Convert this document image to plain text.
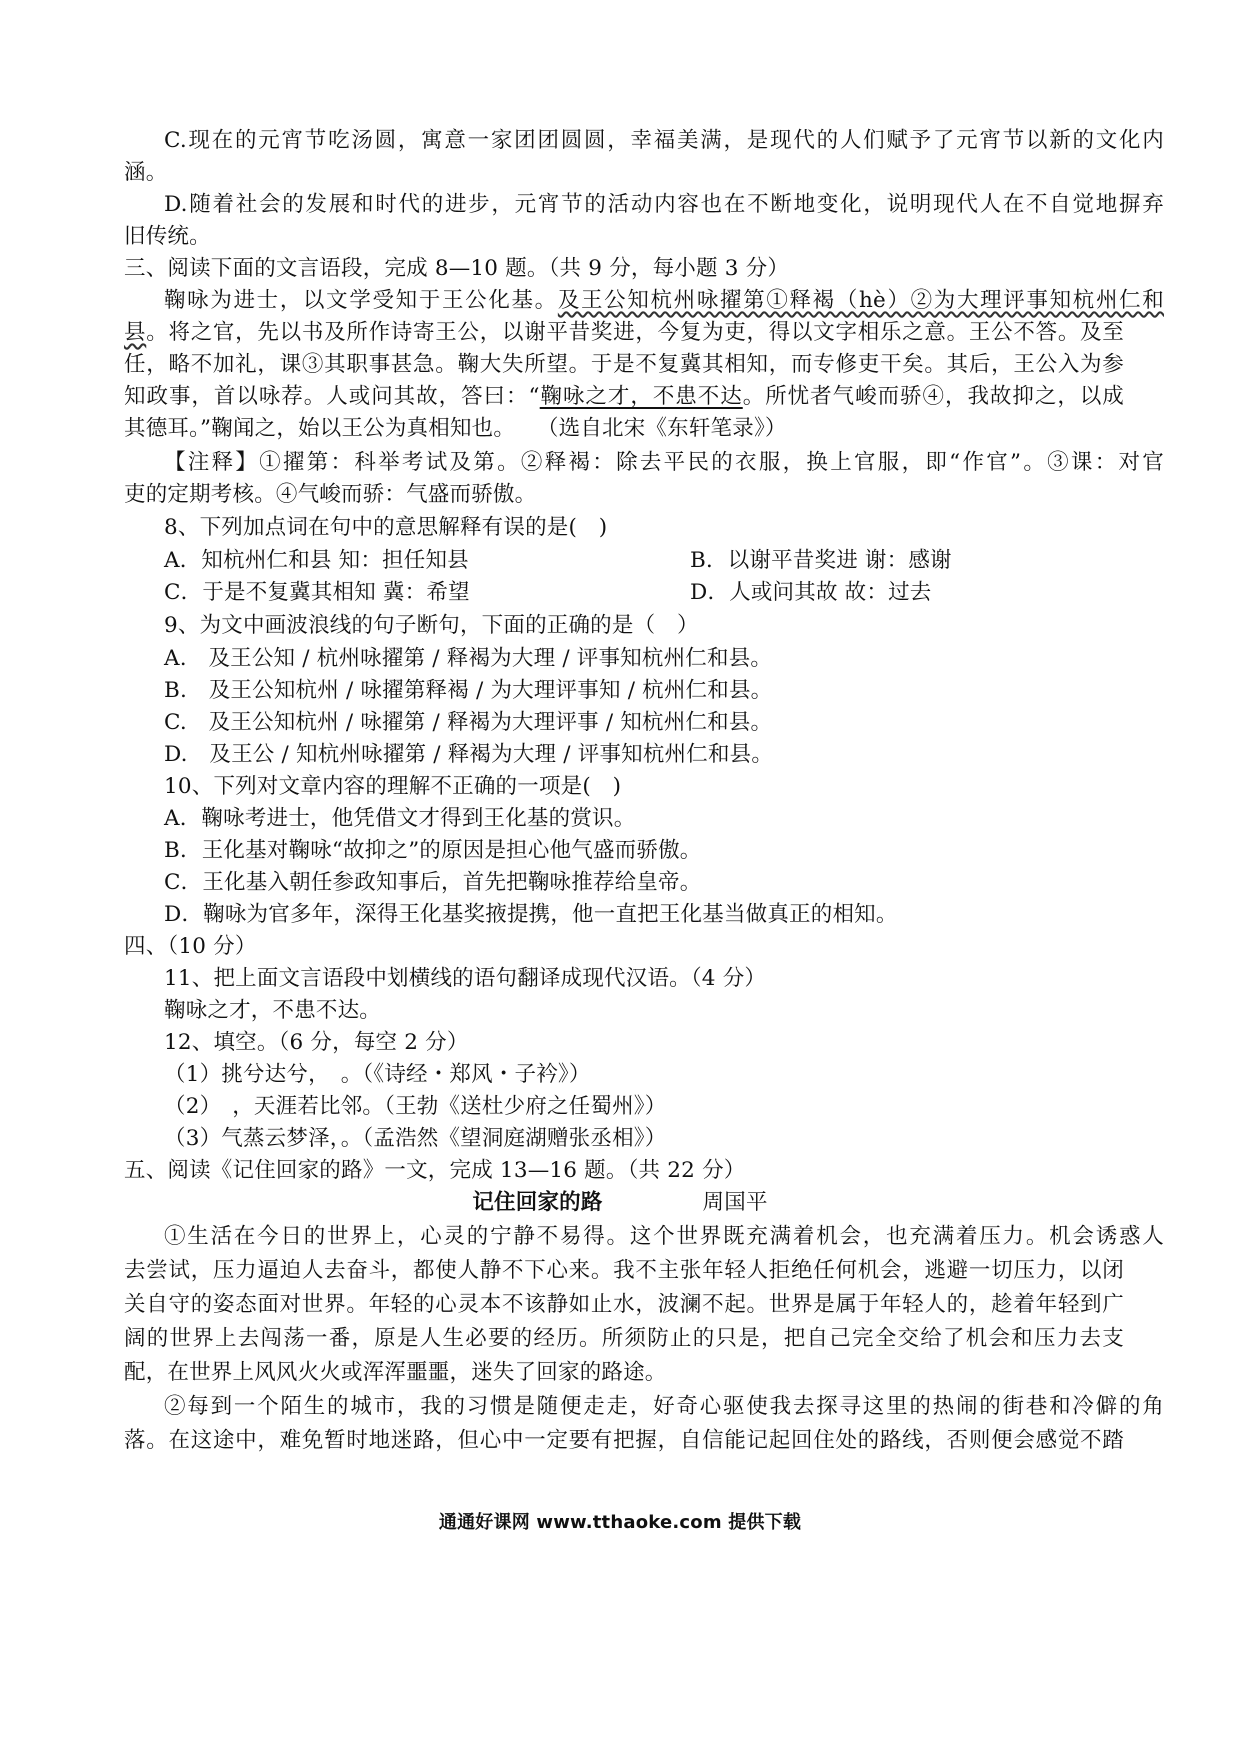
C.现在的元宵节吃汤圆，寓意一家团团圆圆，幸福美满，是现代的人们赋予了元宵节以新的文化内
涵。
D.随着社会的发展和时代的进步，元宵节的活动内容也在不断地变化，说明现代人在不自觉地摒弃
旧传统。
三、阅读下面的文言语段，完成 8—10 题。（共 9 分，每小题 3 分）
鞠咏为进士，以文学受知于王公化基。及王公知杭州咏擢第①释褐（hè）②为大理评事知杭州仁和
县。将之官，先以书及所作诗寄王公，以谢平昔奖进，今复为吏，得以文字相乐之意。王公不答。及至
任，略不加礼，课③其职事甚急。鞠大失所望。于是不复冀其相知，而专修吏干矣。其后，王公入为参
知政事，首以咏荐。人或问其故，答曰：“鞠咏之才，不患不达。所忧者气峻而骄④，我故抑之，以成
其德耳。”鞠闻之，始以王公为真相知也。　　（选自北宋《东轩笔录》）
【注释】①擢第：科举考试及第。②释褐：除去平民的衣服，换上官服，即“作官”。③课：对官
吏的定期考核。④气峻而骄：气盛而骄傲。
8、下列加点词在句中的意思解释有误的是(　)
A．知杭州仁和县 知：担任知县	B．以谢平昔奖进 谢：感谢
C．于是不复冀其相知 冀：希望	D．人或问其故 故：过去
9、为文中画波浪线的句子断句，下面的正确的是（　）
A.　及王公知 / 杭州咏擢第 / 释褐为大理 / 评事知杭州仁和县。
B.　及王公知杭州 / 咏擢第释褐 / 为大理评事知 / 杭州仁和县。
C.　及王公知杭州 / 咏擢第 / 释褐为大理评事 / 知杭州仁和县。
D.　及王公 / 知杭州咏擢第 / 释褐为大理 / 评事知杭州仁和县。
10、下列对文章内容的理解不正确的一项是(　)
A．鞠咏考进士，他凭借文才得到王化基的赏识。
B．王化基对鞠咏“故抑之”的原因是担心他气盛而骄傲。
C．王化基入朝任参政知事后，首先把鞠咏推荐给皇帝。
D．鞠咏为官多年，深得王化基奖掖提携，他一直把王化基当做真正的相知。
四、（10 分）
11、把上面文言语段中划横线的语句翻译成现代汉语。（4 分）
鞠咏之才，不患不达。
12、填空。（6 分，每空 2 分）
（1）挑兮达兮，　。（《诗经・郑风・子衿》）
（2）　，天涯若比邻。（王勃《送杜少府之任蜀州》）
（3）气蒸云梦泽，。（孟浩然《望洞庭湖赠张丞相》）
五、阅读《记住回家的路》一文，完成 13—16 题。（共 22 分）
记住回家的路	周国平
①生活在今日的世界上，心灵的宁静不易得。这个世界既充满着机会，也充满着压力。机会诱惑人
去尝试，压力逼迫人去奋斗，都使人静不下心来。我不主张年轻人拒绝任何机会，逃避一切压力，以闭
关自守的姿态面对世界。年轻的心灵本不该静如止水，波澜不起。世界是属于年轻人的，趁着年轻到广
阔的世界上去闯荡一番，原是人生必要的经历。所须防止的只是，把自己完全交给了机会和压力去支
配，在世界上风风火火或浑浑噩噩，迷失了回家的路途。
②每到一个陌生的城市，我的习惯是随便走走，好奇心驱使我去探寻这里的热闹的街巷和冷僻的角
落。在这途中，难免暂时地迷路，但心中一定要有把握，自信能记起回住处的路线，否则便会感觉不踏
通通好课网 www.tthaoke.com 提供下载
